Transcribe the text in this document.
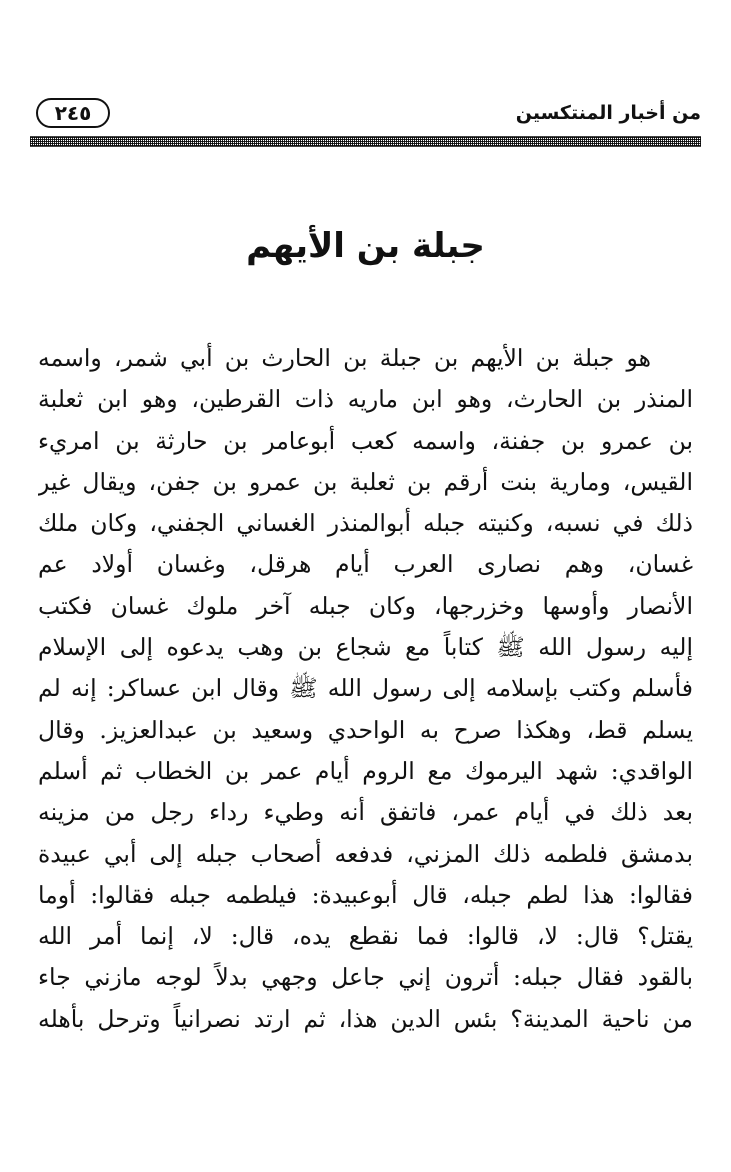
من أخبار المنتكسين
٢٤٥
جبلة بن الأيهم
هو جبلة بن الأيهم بن جبلة بن الحارث بن أبي شمر، واسمه
المنذر بن الحارث، وهو ابن ماريه ذات القرطين، وهو ابن ثعلبة
بن عمرو بن جفنة، واسمه كعب أبوعامر بن حارثة بن امريء
القيس، ومارية بنت أرقم بن ثعلبة بن عمرو بن جفن، ويقال غير
ذلك في نسبه، وكنيته جبله أبوالمنذر الغساني الجفني، وكان ملك
غسان، وهم نصارى العرب أيام هرقل، وغسان أولاد عم
الأنصار وأوسها وخزرجها، وكان جبله آخر ملوك غسان فكتب
إليه رسول الله ﷺ كتاباً مع شجاع بن وهب يدعوه إلى الإسلام
فأسلم وكتب بإسلامه إلى رسول الله ﷺ وقال ابن عساكر: إنه لم
يسلم قط، وهكذا صرح به الواحدي وسعيد بن عبدالعزيز. وقال
الواقدي: شهد اليرموك مع الروم أيام عمر بن الخطاب ثم أسلم
بعد ذلك في أيام عمر، فاتفق أنه وطيء رداء رجل من مزينه
بدمشق فلطمه ذلك المزني، فدفعه أصحاب جبله إلى أبي عبيدة
فقالوا: هذا لطم جبله، قال أبوعبيدة: فيلطمه جبله فقالوا: أوما
يقتل؟ قال: لا، قالوا: فما نقطع يده، قال: لا، إنما أمر الله
بالقود فقال جبله: أترون إني جاعل وجهي بدلاً لوجه مازني جاء
من ناحية المدينة؟ بئس الدين هذا، ثم ارتد نصرانياً وترحل بأهله
